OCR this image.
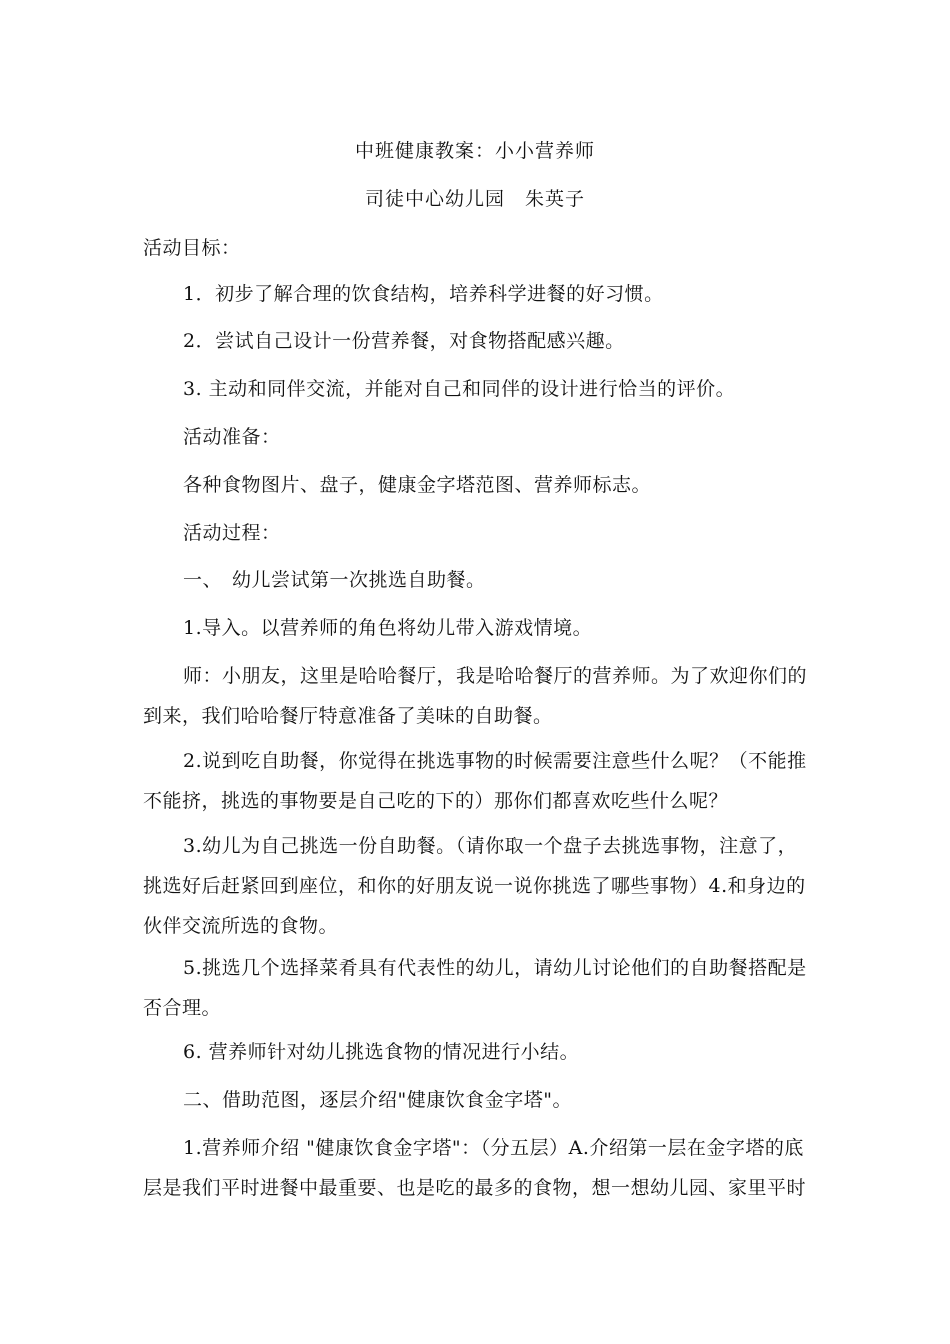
中班健康教案：小小营养师
司徒中心幼儿园　朱英子
活动目标：
1．初步了解合理的饮食结构，培养科学进餐的好习惯。
2．尝试自己设计一份营养餐，对食物搭配感兴趣。
3. 主动和同伴交流，并能对自己和同伴的设计进行恰当的评价。
活动准备：
各种食物图片、盘子，健康金字塔范图、营养师标志。
活动过程：
一、　幼儿尝试第一次挑选自助餐。
1.导入。以营养师的角色将幼儿带入游戏情境。
师：小朋友，这里是哈哈餐厅，我是哈哈餐厅的营养师。为了欢迎你们的
到来，我们哈哈餐厅特意准备了美味的自助餐。
2.说到吃自助餐，你觉得在挑选事物的时候需要注意些什么呢？（不能推
不能挤，挑选的事物要是自己吃的下的）那你们都喜欢吃些什么呢？
3.幼儿为自己挑选一份自助餐。（请你取一个盘子去挑选事物，注意了，
挑选好后赶紧回到座位，和你的好朋友说一说你挑选了哪些事物）4.和身边的
伙伴交流所选的食物。
5.挑选几个选择菜肴具有代表性的幼儿，请幼儿讨论他们的自助餐搭配是
否合理。
6. 营养师针对幼儿挑选食物的情况进行小结。
二、借助范图，逐层介绍"健康饮食金字塔"。
1.营养师介绍 "健康饮食金字塔"：（分五层）A.介绍第一层在金字塔的底
层是我们平时进餐中最重要、也是吃的最多的食物，想一想幼儿园、家里平时
